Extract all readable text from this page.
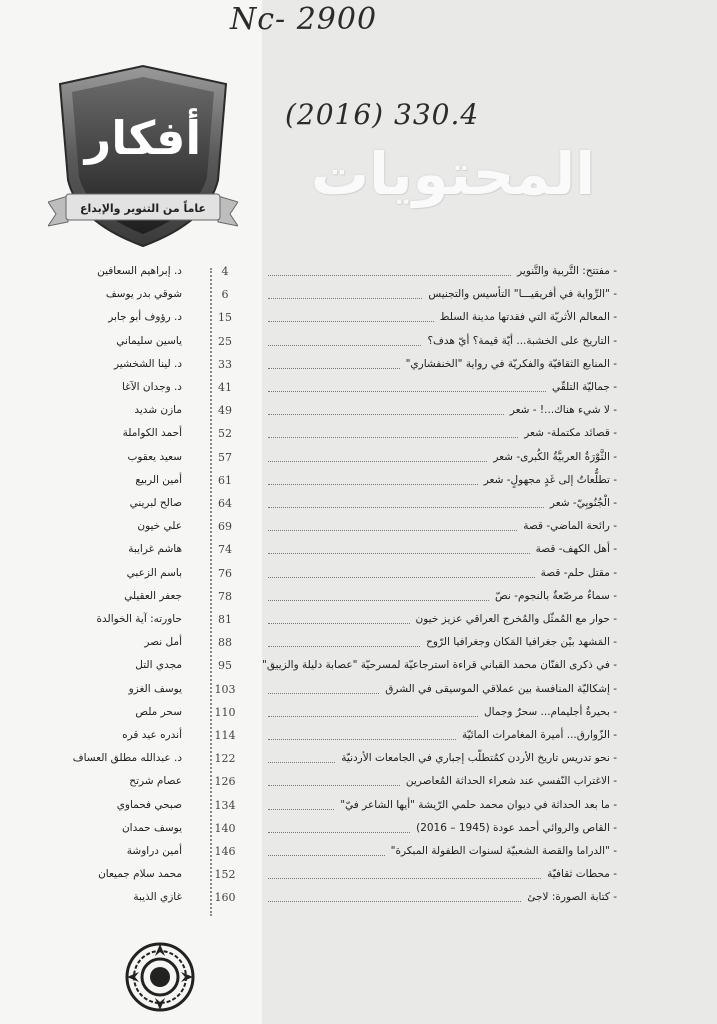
Nc- 2900
(2016) 330.4
المحتويات
أفكار
عاماً من التنوير والإبداع
- مفتتح: التَّربية والتَّنوير
4
د. إبراهيم السعافين
- "الرِّواية في أفريقيـــا" التأسيس والتجنيس
6
شوقي بدر يوسف
- المعالم الأثريّة التي فقدتها مدينة السلط
15
د. رؤوف أبو جابر
- التاريخ على الخشبة... أيّة قيمة؟ أيّ هدف؟
25
ياسين سليماني
- المنابع الثقافيّة والفكريّة في رواية "الخنفشاري"
33
د. لينا الشخشير
- جماليّة التلقّي
41
د. وجدان الآغا
- لا شيء هناك...! - شعر
49
مازن شديد
- قصائد مكتملة- شعر
52
أحمد الكواملة
- الثَّوْرَةُ العربيَّةُ الكُبرى- شعر
57
سعيد يعقوب
- تطلُّعاتٌ إلى غَدٍ مجهولٍ- شعر
61
أمين الربيع
- الْجُنُوبِيّ- شعر
64
صالح لبريني
- رائحة الماضي- قصة
69
علي خيون
- أهل الكهف- قصة
74
هاشم غرايبة
- مقتل حلم- قصة
76
باسم الزعبي
- سماءٌ مرصّعةٌ بالنجوم- نصّ
78
جعفر العقيلي
- حوار مع المُمثّل والمُخرج العراقي عزيز خيون
81
حاورته: آية الخوالدة
- المَشهد بيْن جغرافيا المَكان وجغرافيا الرّوح
88
أمل نصر
- في ذكرى الفنّان محمد القباني قراءة استرجاعيّة لمسرحيّة "عصابة دليلة والزيبق"
95
مجدي التل
- إشكاليّة المنافسة بين عملاقي الموسيقى في الشرق
103
يوسف الغزو
- بحيرةُ أجليمام... سحرٌ وجمال
110
سحر ملص
- الزّوارق... أميرة المغامرات المائيّة
114
أندره عيد قره
- نحو تدريس تاريخ الأردن كمُتطلّب إجباري في الجامعات الأردنيّة
122
د. عبدالله مطلق العساف
- الاغتراب النّفسي عند شعراء الحداثة المُعاصرين
126
عصام شرتح
- ما بعد الحداثة في ديوان محمد حلمي الرّيشة "أيها الشاعر فيّ"
134
صبحي فحماوي
- القاص والروائي أحمد عودة (1945 – 2016)
140
يوسف حمدان
- "الدراما والقصة الشعبيّة لسنوات الطفولة المبكرة"
146
أمين دراوشة
- محطات ثقافيّة
152
محمد سلام جميعان
- كتابة الصورة: لاجئ
160
غازي الذيبة
